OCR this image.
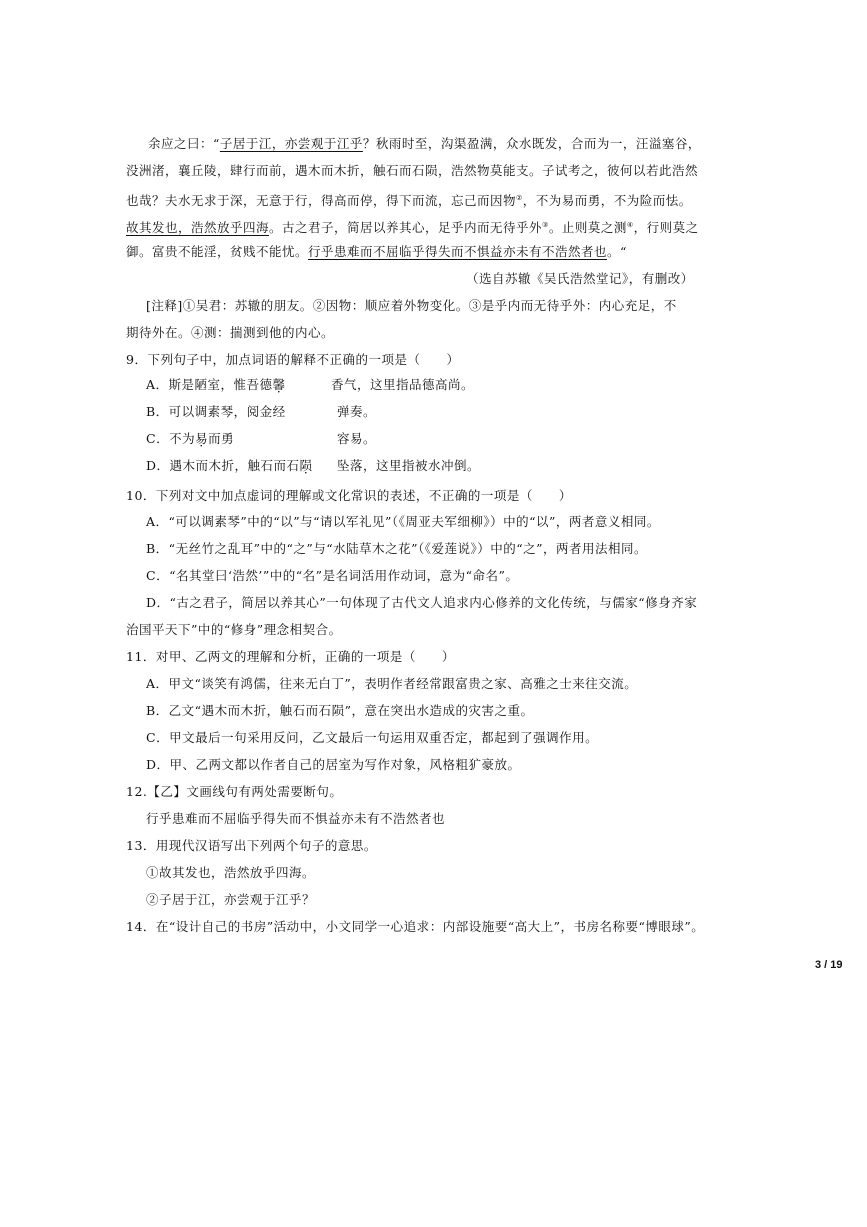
余应之曰：“子居于江，亦尝观于江乎？秋雨时至，沟渠盈满，众水既发，合而为一，汪溢塞谷，
没洲渚，襄丘陵，肆行而前，遇木而木折，触石而石陨，浩然物莫能支。子试考之，彼何以若此浩然
也哉？夫水无求于深，无意于行，得高而停，得下而流，忘己而因物②，不为易而勇，不为险而怯。
故其发也，浩然放乎四海。古之君子，简居以养其心，足乎内而无待乎外③。止则莫之测④，行则莫之
御。富贵不能淫，贫贱不能忧。行乎患难而不屈临乎得失而不惧益亦未有不浩然者也。“
（选自苏辙《吴氏浩然堂记》，有删改）
[注释]①吴君：苏辙的朋友。②因物：顺应着外物变化。③是乎内而无待乎外：内心充足，不
期待外在。④测：揣测到他的内心。
9．下列句子中，加点词语的解释不正确的一项是（　　）
A．斯是陋室，惟吾德馨	香气，这里指品德高尚。
B．可以调素琴，阅金经	弹奏。
C．不为易而勇	容易。
D．遇木而木折，触石而石陨 坠落，这里指被水冲倒。
10．下列对文中加点虚词的理解或文化常识的表述，不正确的一项是（　　）
A．“可以调素琴”中的“以”与“请以军礼见”（《周亚夫军细柳》）中的“以”，两者意义相同。
B．“无丝竹之乱耳”中的“之”与“水陆草木之花”（《爱莲说》）中的“之”，两者用法相同。
C．“名其堂曰‘浩然’”中的“名”是名词活用作动词，意为“命名”。
D．“古之君子，简居以养其心”一句体现了古代文人追求内心修养的文化传统，与儒家“修身齐家
治国平天下”中的“修身”理念相契合。
11．对甲、乙两文的理解和分析，正确的一项是（　　）
A．甲文“谈笑有鸿儒，往来无白丁”，表明作者经常跟富贵之家、高雅之士来往交流。
B．乙文“遇木而木折，触石而石陨”，意在突出水造成的灾害之重。
C．甲文最后一句采用反问，乙文最后一句运用双重否定，都起到了强调作用。
D．甲、乙两文都以作者自己的居室为写作对象，风格粗犷豪放。
12.【乙】文画线句有两处需要断句。
行乎患难而不屈临乎得失而不惧益亦未有不浩然者也
13．用现代汉语写出下列两个句子的意思。
①故其发也，浩然放乎四海。
②子居于江，亦尝观于江乎？
14．在“设计自己的书房”活动中，小文同学一心追求：内部设施要“高大上”，书房名称要“博眼球”。
3 / 19
